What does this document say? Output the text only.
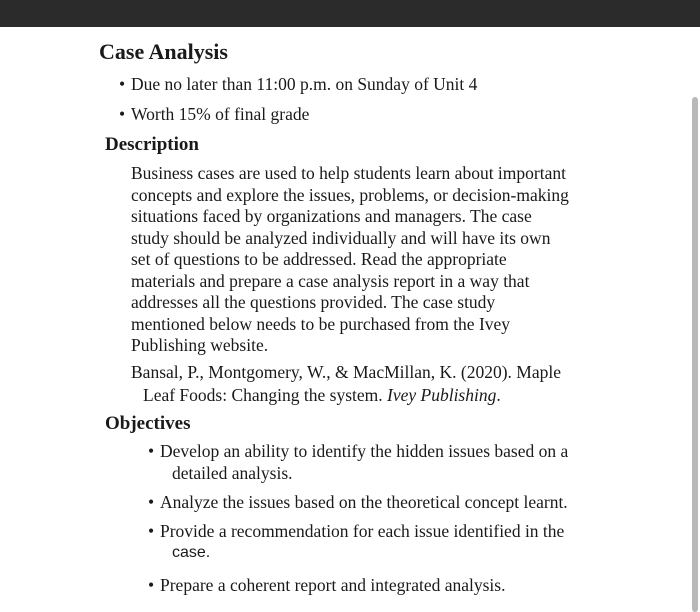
Case Analysis
• Due no later than 11:00 p.m. on Sunday of Unit 4
• Worth 15% of final grade
Description
Business cases are used to help students learn about important
concepts and explore the issues, problems, or decision-making
situations faced by organizations and managers. The case
study should be analyzed individually and will have its own
set of questions to be addressed. Read the appropriate
materials and prepare a case analysis report in a way that
addresses all the questions provided. The case study
mentioned below needs to be purchased from the Ivey
Publishing website.
Bansal, P., Montgomery, W., & MacMillan, K. (2020). Maple
Leaf Foods: Changing the system. Ivey Publishing.
Objectives
• Develop an ability to identify the hidden issues based on a
detailed analysis.
• Analyze the issues based on the theoretical concept learnt.
• Provide a recommendation for each issue identified in the
case.
• Prepare a coherent report and integrated analysis.
